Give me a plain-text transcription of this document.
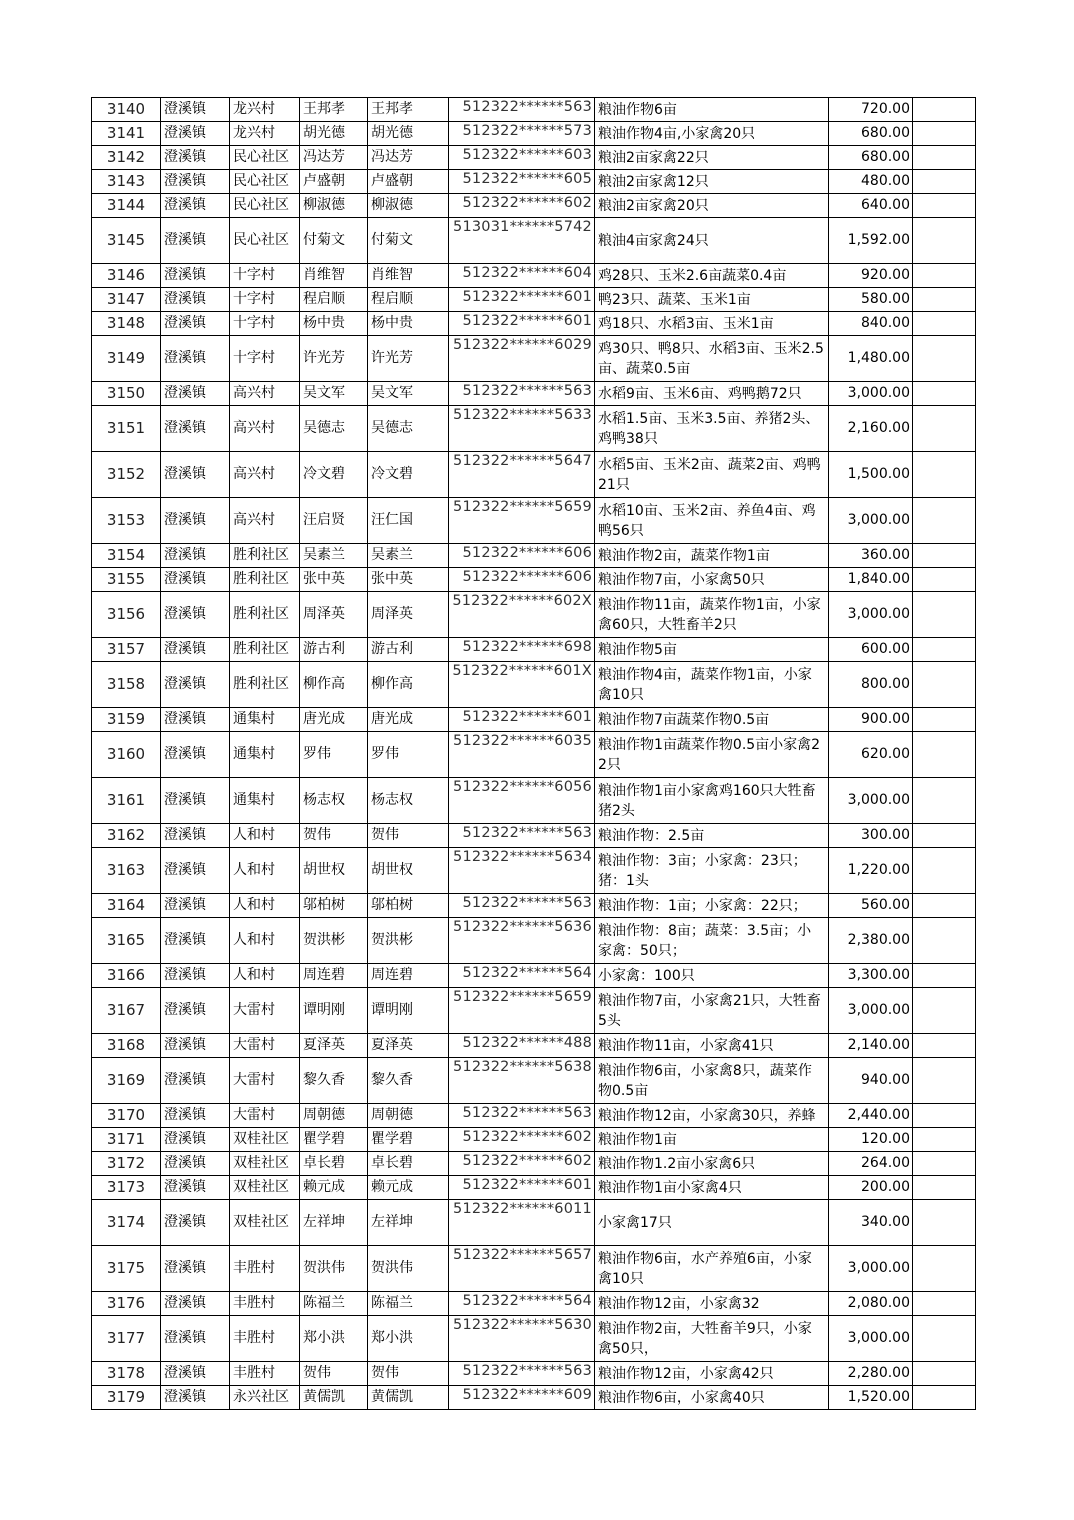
3140	澄溪镇	龙兴村	王邦孝	王邦孝	512322******563	粮油作物6亩	720.00	
3141	澄溪镇	龙兴村	胡光德	胡光德	512322******573	粮油作物4亩,小家禽20只	680.00	
3142	澄溪镇	民心社区	冯达芳	冯达芳	512322******603	粮油2亩家禽22只	680.00	
3143	澄溪镇	民心社区	卢盛朝	卢盛朝	512322******605	粮油2亩家禽12只	480.00	
3144	澄溪镇	民心社区	柳淑德	柳淑德	512322******602	粮油2亩家禽20只	640.00	
3145	澄溪镇	民心社区	付菊文	付菊文	513031******5742	粮油4亩家禽24只	1,592.00	
3146	澄溪镇	十字村	肖维智	肖维智	512322******604	鸡28只、玉米2.6亩蔬菜0.4亩	920.00	
3147	澄溪镇	十字村	程启顺	程启顺	512322******601	鸭23只、蔬菜、玉米1亩	580.00	
3148	澄溪镇	十字村	杨中贵	杨中贵	512322******601	鸡18只、水稻3亩、玉米1亩	840.00	
3149	澄溪镇	十字村	许光芳	许光芳	512322******6029	鸡30只、鸭8只、水稻3亩、玉米2.5亩、蔬菜0.5亩	1,480.00	
3150	澄溪镇	高兴村	吴文军	吴文军	512322******563	水稻9亩、玉米6亩、鸡鸭鹅72只	3,000.00	
3151	澄溪镇	高兴村	吴德志	吴德志	512322******5633	水稻1.5亩、玉米3.5亩、养猪2头、鸡鸭38只	2,160.00	
3152	澄溪镇	高兴村	冷文碧	冷文碧	512322******5647	水稻5亩、玉米2亩、蔬菜2亩、鸡鸭21只	1,500.00	
3153	澄溪镇	高兴村	汪启贤	汪仁国	512322******5659	水稻10亩、玉米2亩、养鱼4亩、鸡鸭56只	3,000.00	
3154	澄溪镇	胜利社区	吴素兰	吴素兰	512322******606	粮油作物2亩，蔬菜作物1亩	360.00	
3155	澄溪镇	胜利社区	张中英	张中英	512322******606	粮油作物7亩，小家禽50只	1,840.00	
3156	澄溪镇	胜利社区	周泽英	周泽英	512322******602X	粮油作物11亩，蔬菜作物1亩，小家禽60只，大牲畜羊2只	3,000.00	
3157	澄溪镇	胜利社区	游古利	游古利	512322******698	粮油作物5亩	600.00	
3158	澄溪镇	胜利社区	柳作高	柳作高	512322******601X	粮油作物4亩，蔬菜作物1亩，小家禽10只	800.00	
3159	澄溪镇	通集村	唐光成	唐光成	512322******601	粮油作物7亩蔬菜作物0.5亩	900.00	
3160	澄溪镇	通集村	罗伟	罗伟	512322******6035	粮油作物1亩蔬菜作物0.5亩小家禽22只	620.00	
3161	澄溪镇	通集村	杨志权	杨志权	512322******6056	粮油作物1亩小家禽鸡160只大牲畜猪2头	3,000.00	
3162	澄溪镇	人和村	贺伟	贺伟	512322******563	粮油作物：2.5亩	300.00	
3163	澄溪镇	人和村	胡世权	胡世权	512322******5634	粮油作物：3亩；小家禽：23只；猪：1头	1,220.00	
3164	澄溪镇	人和村	邬柏树	邬柏树	512322******563	粮油作物：1亩；小家禽：22只；	560.00	
3165	澄溪镇	人和村	贺洪彬	贺洪彬	512322******5636	粮油作物：8亩；蔬菜：3.5亩；小家禽：50只；	2,380.00	
3166	澄溪镇	人和村	周连碧	周连碧	512322******564	小家禽：100只	3,300.00	
3167	澄溪镇	大雷村	谭明刚	谭明刚	512322******5659	粮油作物7亩，小家禽21只，大牲畜5头	3,000.00	
3168	澄溪镇	大雷村	夏泽英	夏泽英	512322******488	粮油作物11亩，小家禽41只	2,140.00	
3169	澄溪镇	大雷村	黎久香	黎久香	512322******5638	粮油作物6亩，小家禽8只，蔬菜作物0.5亩	940.00	
3170	澄溪镇	大雷村	周朝德	周朝德	512322******563	粮油作物12亩，小家禽30只，养蜂	2,440.00	
3171	澄溪镇	双桂社区	瞿学碧	瞿学碧	512322******602	粮油作物1亩	120.00	
3172	澄溪镇	双桂社区	卓长碧	卓长碧	512322******602	粮油作物1.2亩小家禽6只	264.00	
3173	澄溪镇	双桂社区	赖元成	赖元成	512322******601	粮油作物1亩小家禽4只	200.00	
3174	澄溪镇	双桂社区	左祥坤	左祥坤	512322******6011	小家禽17只	340.00	
3175	澄溪镇	丰胜村	贺洪伟	贺洪伟	512322******5657	粮油作物6亩，水产养殖6亩，小家禽10只	3,000.00	
3176	澄溪镇	丰胜村	陈福兰	陈福兰	512322******564	粮油作物12亩，小家禽32	2,080.00	
3177	澄溪镇	丰胜村	郑小洪	郑小洪	512322******5630	粮油作物2亩，大牲畜羊9只，小家禽50只，	3,000.00	
3178	澄溪镇	丰胜村	贺伟	贺伟	512322******563	粮油作物12亩，小家禽42只	2,280.00	
3179	澄溪镇	永兴社区	黄儒凯	黄儒凯	512322******609	粮油作物6亩，小家禽40只	1,520.00	
